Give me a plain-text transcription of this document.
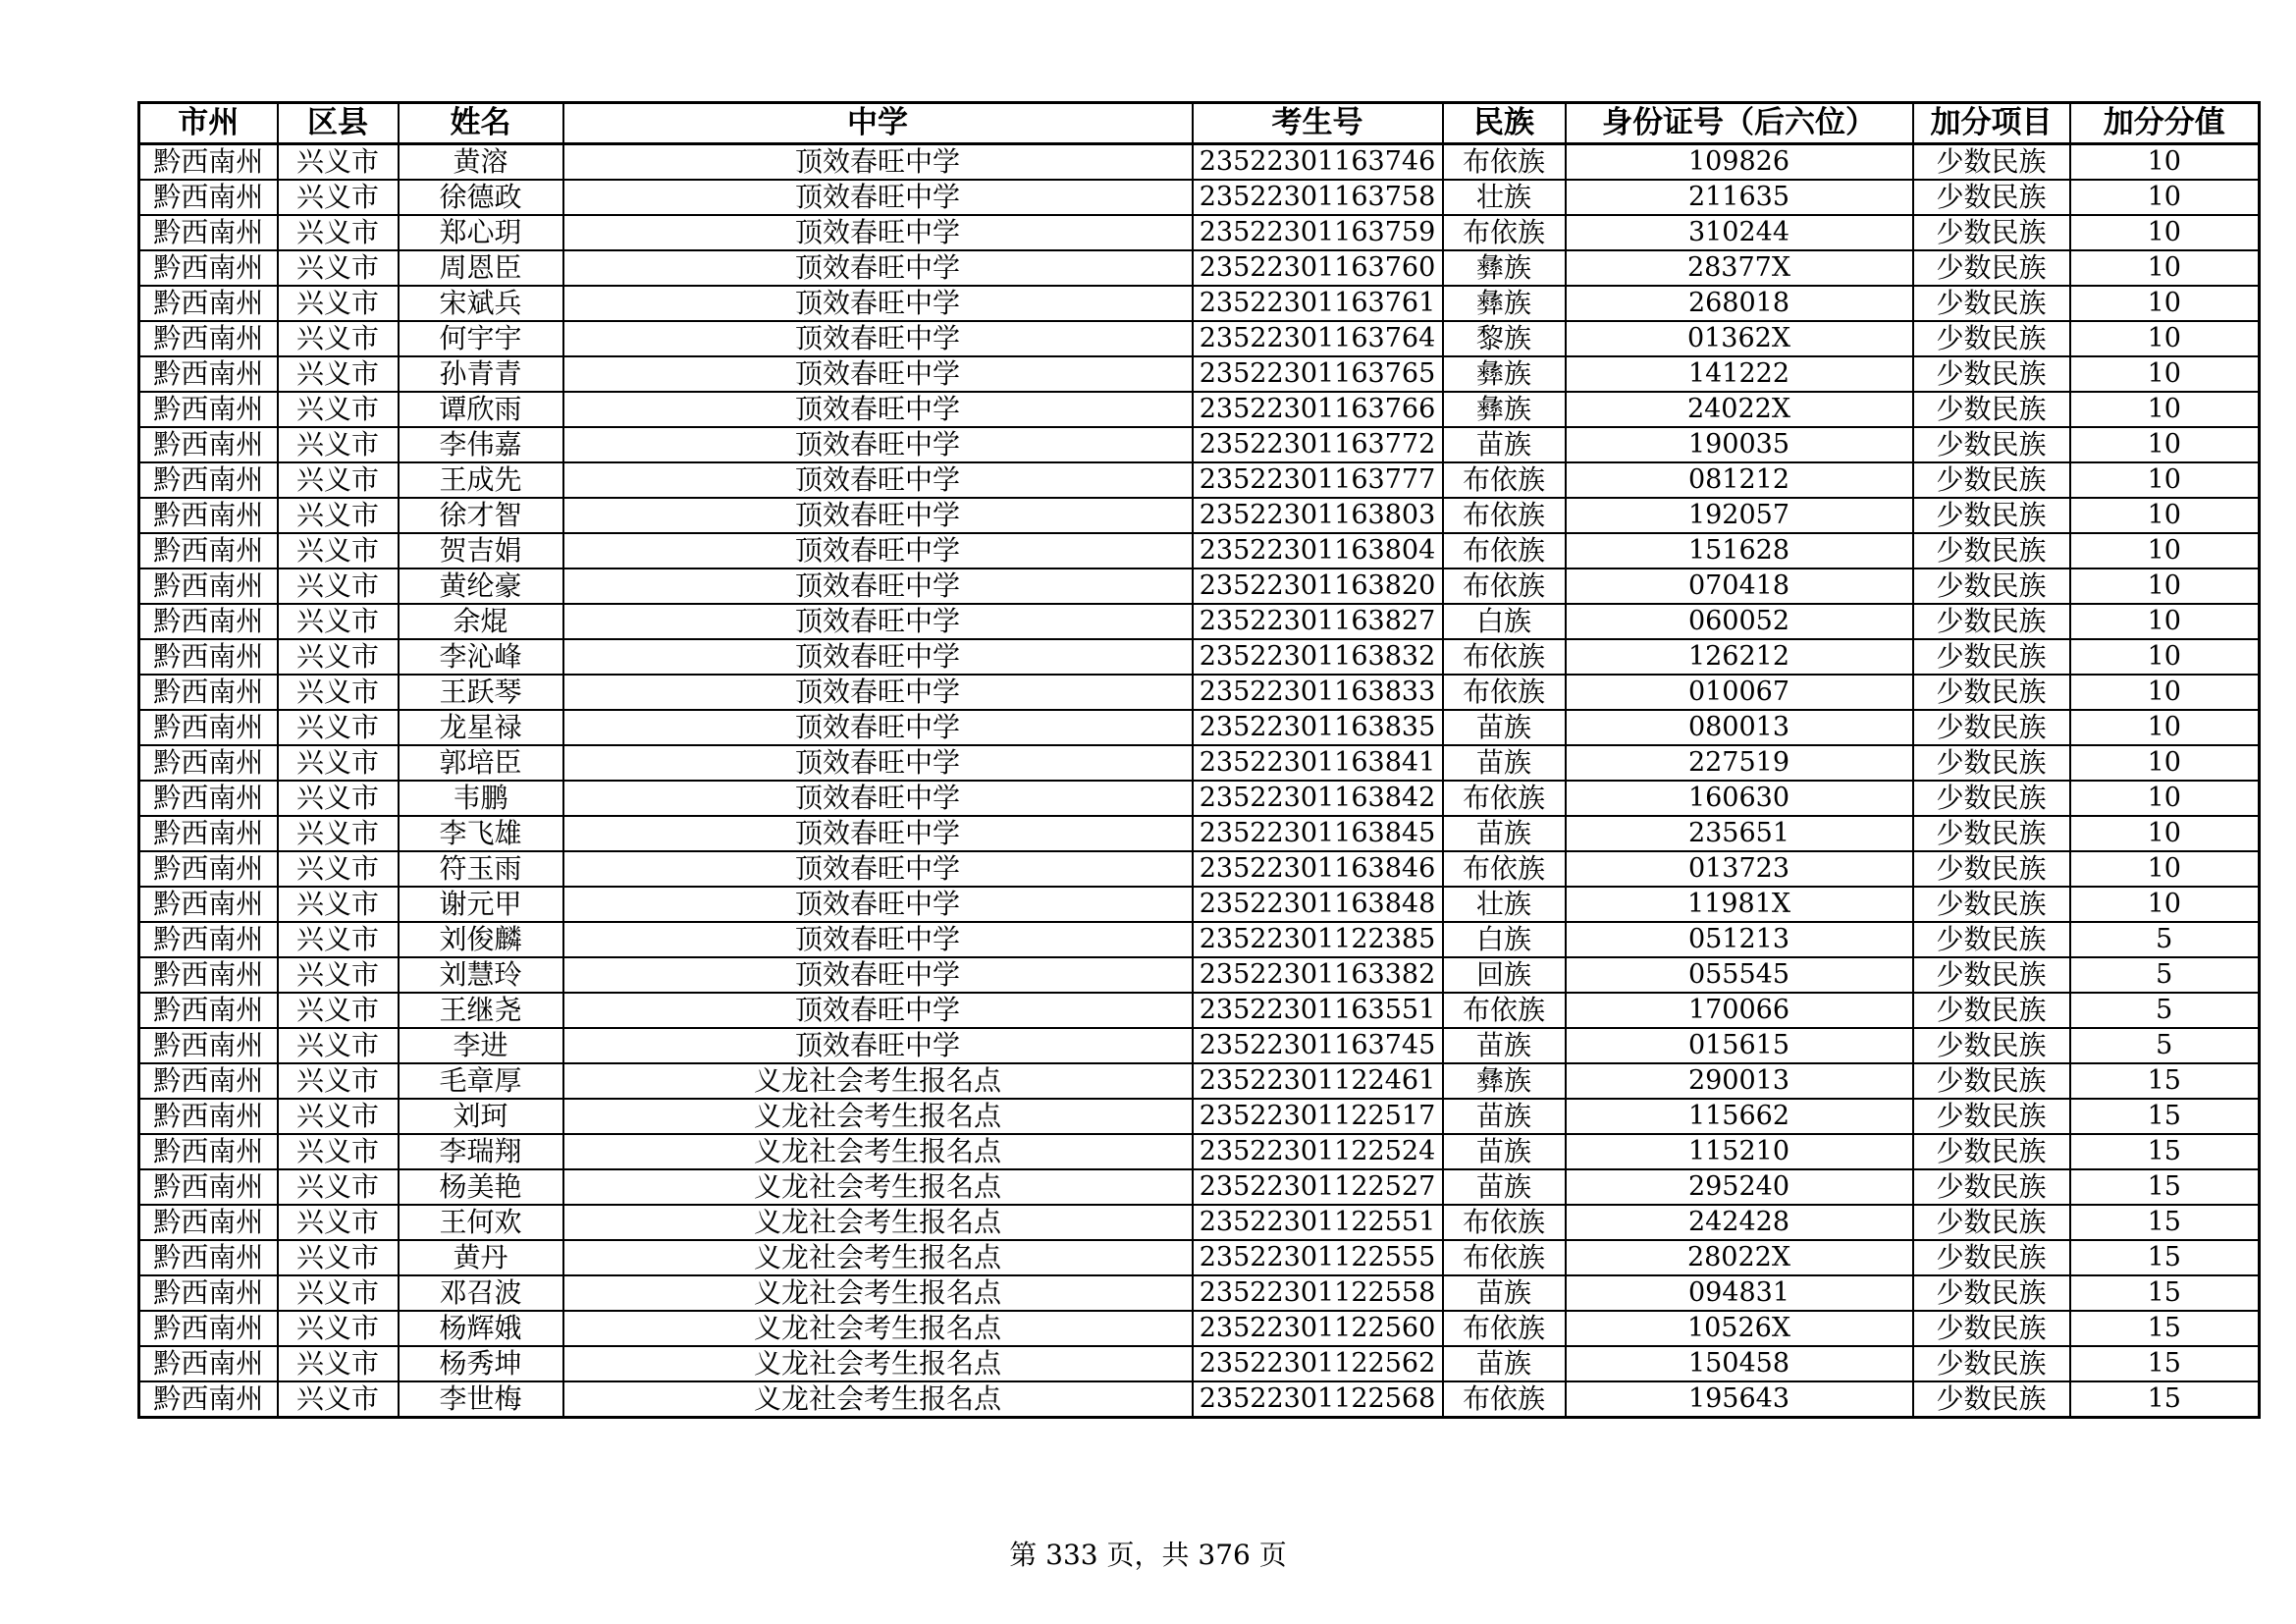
市州	区县	姓名	中学	考生号	民族	身份证号（后六位）	加分项目	加分分值
黔西南州	兴义市	黄溶	顶效春旺中学	23522301163746	布依族	109826	少数民族	10
黔西南州	兴义市	徐德政	顶效春旺中学	23522301163758	壮族	211635	少数民族	10
黔西南州	兴义市	郑心玥	顶效春旺中学	23522301163759	布依族	310244	少数民族	10
黔西南州	兴义市	周恩臣	顶效春旺中学	23522301163760	彝族	28377X	少数民族	10
黔西南州	兴义市	宋斌兵	顶效春旺中学	23522301163761	彝族	268018	少数民族	10
黔西南州	兴义市	何宇宇	顶效春旺中学	23522301163764	黎族	01362X	少数民族	10
黔西南州	兴义市	孙青青	顶效春旺中学	23522301163765	彝族	141222	少数民族	10
黔西南州	兴义市	谭欣雨	顶效春旺中学	23522301163766	彝族	24022X	少数民族	10
黔西南州	兴义市	李伟嘉	顶效春旺中学	23522301163772	苗族	190035	少数民族	10
黔西南州	兴义市	王成先	顶效春旺中学	23522301163777	布依族	081212	少数民族	10
黔西南州	兴义市	徐才智	顶效春旺中学	23522301163803	布依族	192057	少数民族	10
黔西南州	兴义市	贺吉娟	顶效春旺中学	23522301163804	布依族	151628	少数民族	10
黔西南州	兴义市	黄纶豪	顶效春旺中学	23522301163820	布依族	070418	少数民族	10
黔西南州	兴义市	余焜	顶效春旺中学	23522301163827	白族	060052	少数民族	10
黔西南州	兴义市	李沁峰	顶效春旺中学	23522301163832	布依族	126212	少数民族	10
黔西南州	兴义市	王跃琴	顶效春旺中学	23522301163833	布依族	010067	少数民族	10
黔西南州	兴义市	龙星禄	顶效春旺中学	23522301163835	苗族	080013	少数民族	10
黔西南州	兴义市	郭培臣	顶效春旺中学	23522301163841	苗族	227519	少数民族	10
黔西南州	兴义市	韦鹏	顶效春旺中学	23522301163842	布依族	160630	少数民族	10
黔西南州	兴义市	李飞雄	顶效春旺中学	23522301163845	苗族	235651	少数民族	10
黔西南州	兴义市	符玉雨	顶效春旺中学	23522301163846	布依族	013723	少数民族	10
黔西南州	兴义市	谢元甲	顶效春旺中学	23522301163848	壮族	11981X	少数民族	10
黔西南州	兴义市	刘俊麟	顶效春旺中学	23522301122385	白族	051213	少数民族	5
黔西南州	兴义市	刘慧玲	顶效春旺中学	23522301163382	回族	055545	少数民族	5
黔西南州	兴义市	王继尧	顶效春旺中学	23522301163551	布依族	170066	少数民族	5
黔西南州	兴义市	李进	顶效春旺中学	23522301163745	苗族	015615	少数民族	5
黔西南州	兴义市	毛章厚	义龙社会考生报名点	23522301122461	彝族	290013	少数民族	15
黔西南州	兴义市	刘珂	义龙社会考生报名点	23522301122517	苗族	115662	少数民族	15
黔西南州	兴义市	李瑞翔	义龙社会考生报名点	23522301122524	苗族	115210	少数民族	15
黔西南州	兴义市	杨美艳	义龙社会考生报名点	23522301122527	苗族	295240	少数民族	15
黔西南州	兴义市	王何欢	义龙社会考生报名点	23522301122551	布依族	242428	少数民族	15
黔西南州	兴义市	黄丹	义龙社会考生报名点	23522301122555	布依族	28022X	少数民族	15
黔西南州	兴义市	邓召波	义龙社会考生报名点	23522301122558	苗族	094831	少数民族	15
黔西南州	兴义市	杨辉娥	义龙社会考生报名点	23522301122560	布依族	10526X	少数民族	15
黔西南州	兴义市	杨秀坤	义龙社会考生报名点	23522301122562	苗族	150458	少数民族	15
黔西南州	兴义市	李世梅	义龙社会考生报名点	23522301122568	布依族	195643	少数民族	15
第 333 页，共 376 页
